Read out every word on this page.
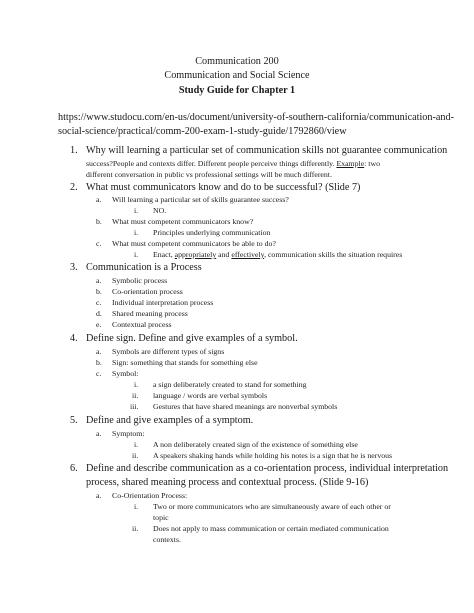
Communication 200
Communication and Social Science
Study Guide for Chapter 1
https://www.studocu.com/en-us/document/university-of-southern-california/communication-and-
social-science/practical/comm-200-exam-1-study-guide/1792860/view
1. Why will learning a particular set of communication skills not guarantee communication
success?People and contexts differ. Different people perceive things differently. Example: two
different conversation in public vs professional settings will be much different.
2. What must communicators know and do to be successful? (Slide 7)
a. Will learning a particular set of skills guarantee success?
i. NO.
b. What must competent communicators know?
i. Principles underlying communication
c. What must competent communicators be able to do?
i. Enact, appropriately and effectively, communication skills the situation requires
3. Communication is a Process
a. Symbolic process
b. Co-orientation process
c. Individual interpretation process
d. Shared meaning process
e. Contextual process
4. Define sign. Define and give examples of a symbol.
a. Symbols are different types of signs
b. Sign: something that stands for something else
c. Symbol:
i. a sign deliberately created to stand for something
ii. language / words are verbal symbols
iii. Gestures that have shared meanings are nonverbal symbols
5. Define and give examples of a symptom.
a. Symptom:
i. A non deliberately created sign of the existence of something else
ii. A speakers shaking hands while holding his notes is a sign that he is nervous
6. Define and describe communication as a co-orientation process, individual interpretation
process, shared meaning process and contextual process. (Slide 9-16)
a. Co-Orientation Process:
i. Two or more communicators who are simultaneously aware of each other or
topic
ii. Does not apply to mass communication or certain mediated communication
contexts.
